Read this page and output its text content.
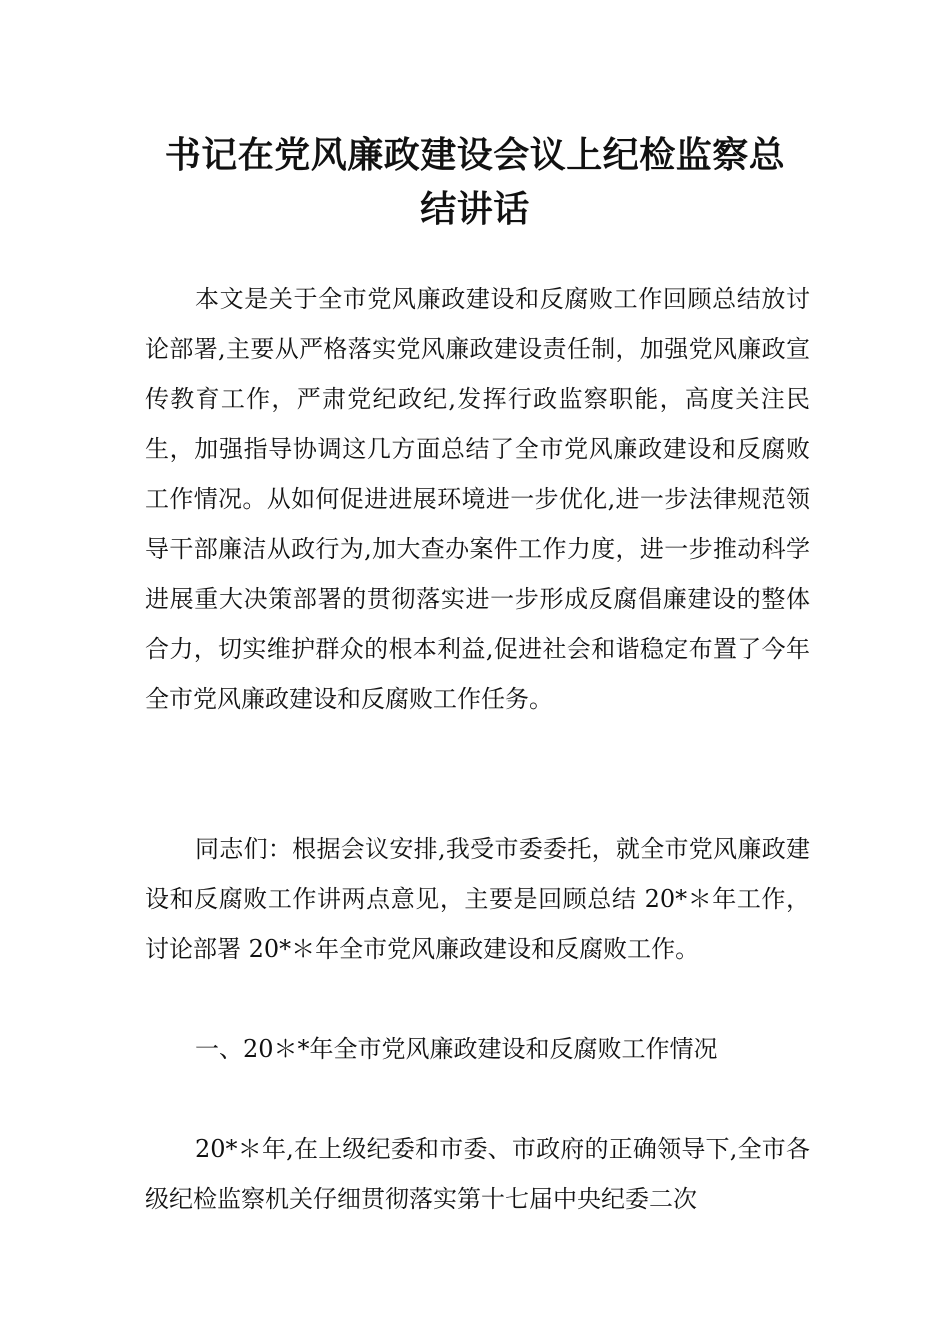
书记在党风廉政建设会议上纪检监察总
结讲话

本文是关于全市党风廉政建设和反腐败工作回顾总结放讨论部署,主要从严格落实党风廉政建设责任制，加强党风廉政宣传教育工作，严肃党纪政纪,发挥行政监察职能，高度关注民生，加强指导协调这几方面总结了全市党风廉政建设和反腐败工作情况。从如何促进进展环境进一步优化,进一步法律规范领导干部廉洁从政行为,加大查办案件工作力度，进一步推动科学进展重大决策部署的贯彻落实进一步形成反腐倡廉建设的整体合力，切实维护群众的根本利益,促进社会和谐稳定布置了今年全市党风廉政建设和反腐败工作任务。

同志们：根据会议安排,我受市委委托，就全市党风廉政建设和反腐败工作讲两点意见，主要是回顾总结 20*＊年工作，讨论部署 20*＊年全市党风廉政建设和反腐败工作。

一、20＊*年全市党风廉政建设和反腐败工作情况

20*＊年,在上级纪委和市委、市政府的正确领导下,全市各级纪检监察机关仔细贯彻落实第十七届中央纪委二次
